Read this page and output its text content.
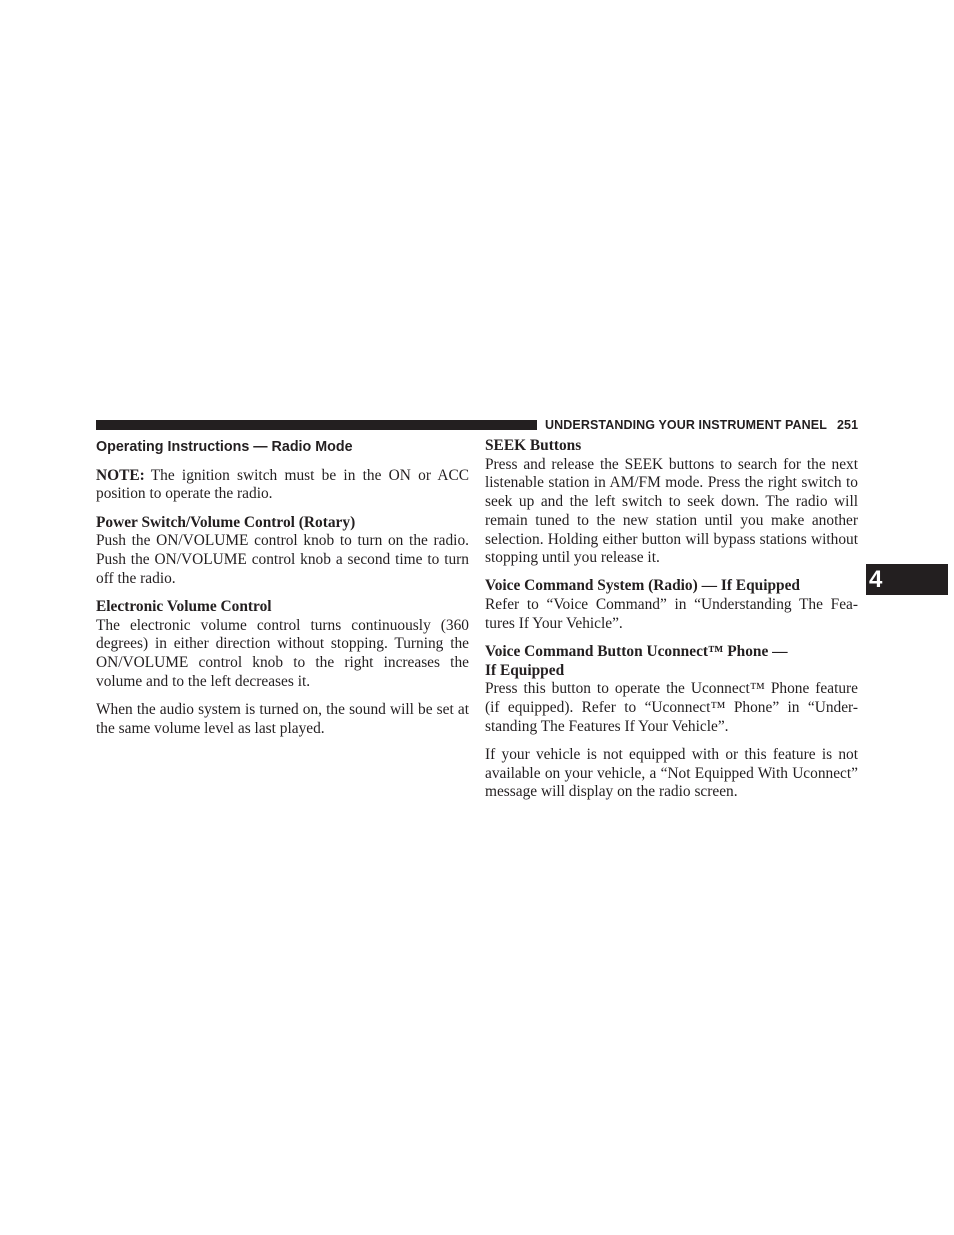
UNDERSTANDING YOUR INSTRUMENT PANEL 251
4
Operating Instructions — Radio Mode

NOTE: The ignition switch must be in the ON or ACC position to operate the radio.

Power Switch/Volume Control (Rotary)

Push the ON/VOLUME control knob to turn on the radio. Push the ON/VOLUME control knob a second time to turn off the radio.

Electronic Volume Control

The electronic volume control turns continuously (360 degrees) in either direction without stopping. Turning the ON/VOLUME control knob to the right increases the volume and to the left decreases it.

When the audio system is turned on, the sound will be set at the same volume level as last played.

SEEK Buttons

Press and release the SEEK buttons to search for the next listenable station in AM/FM mode. Press the right switch to seek up and the left switch to seek down. The radio will remain tuned to the new station until you make another selection. Holding either button will bypass stations without stopping until you release it.

Voice Command System (Radio) — If Equipped

Refer to “Voice Command” in “Understanding The Fea-tures If Your Vehicle”.

Voice Command Button Uconnect™ Phone —

If Equipped

Press this button to operate the Uconnect™ Phone feature (if equipped). Refer to “Uconnect™ Phone” in “Under-standing The Features If Your Vehicle”.

If your vehicle is not equipped with or this feature is not available on your vehicle, a “Not Equipped With Uconnect” message will display on the radio screen.
